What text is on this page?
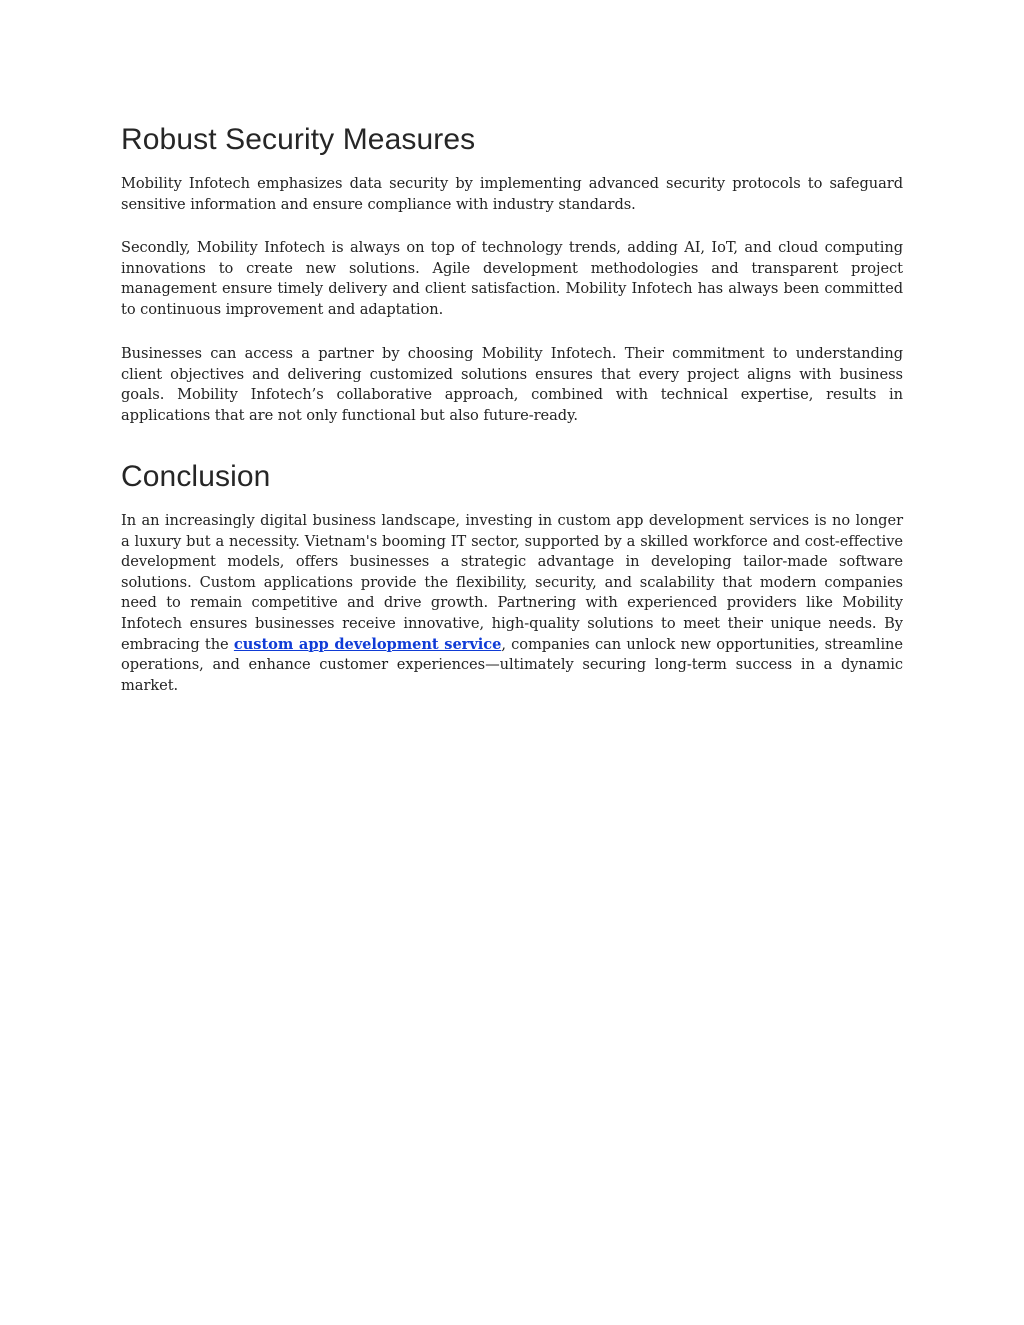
Robust Security Measures

Mobility Infotech emphasizes data security by implementing advanced security protocols to safeguard sensitive information and ensure compliance with industry standards.

Secondly, Mobility Infotech is always on top of technology trends, adding AI, IoT, and cloud computing innovations to create new solutions. Agile development methodologies and transparent project management ensure timely delivery and client satisfaction. Mobility Infotech has always been committed to continuous improvement and adaptation.

Businesses can access a partner by choosing Mobility Infotech. Their commitment to understanding client objectives and delivering customized solutions ensures that every project aligns with business goals. Mobility Infotech’s collaborative approach, combined with technical expertise, results in applications that are not only functional but also future-ready.

Conclusion

In an increasingly digital business landscape, investing in custom app development services is no longer a luxury but a necessity. Vietnam's booming IT sector, supported by a skilled workforce and cost-effective development models, offers businesses a strategic advantage in developing tailor-made software solutions. Custom applications provide the flexibility, security, and scalability that modern companies need to remain competitive and drive growth. Partnering with experienced providers like Mobility Infotech ensures businesses receive innovative, high-quality solutions to meet their unique needs. By embracing the custom app development service, companies can unlock new opportunities, streamline operations, and enhance customer experiences—ultimately securing long-term success in a dynamic market.
